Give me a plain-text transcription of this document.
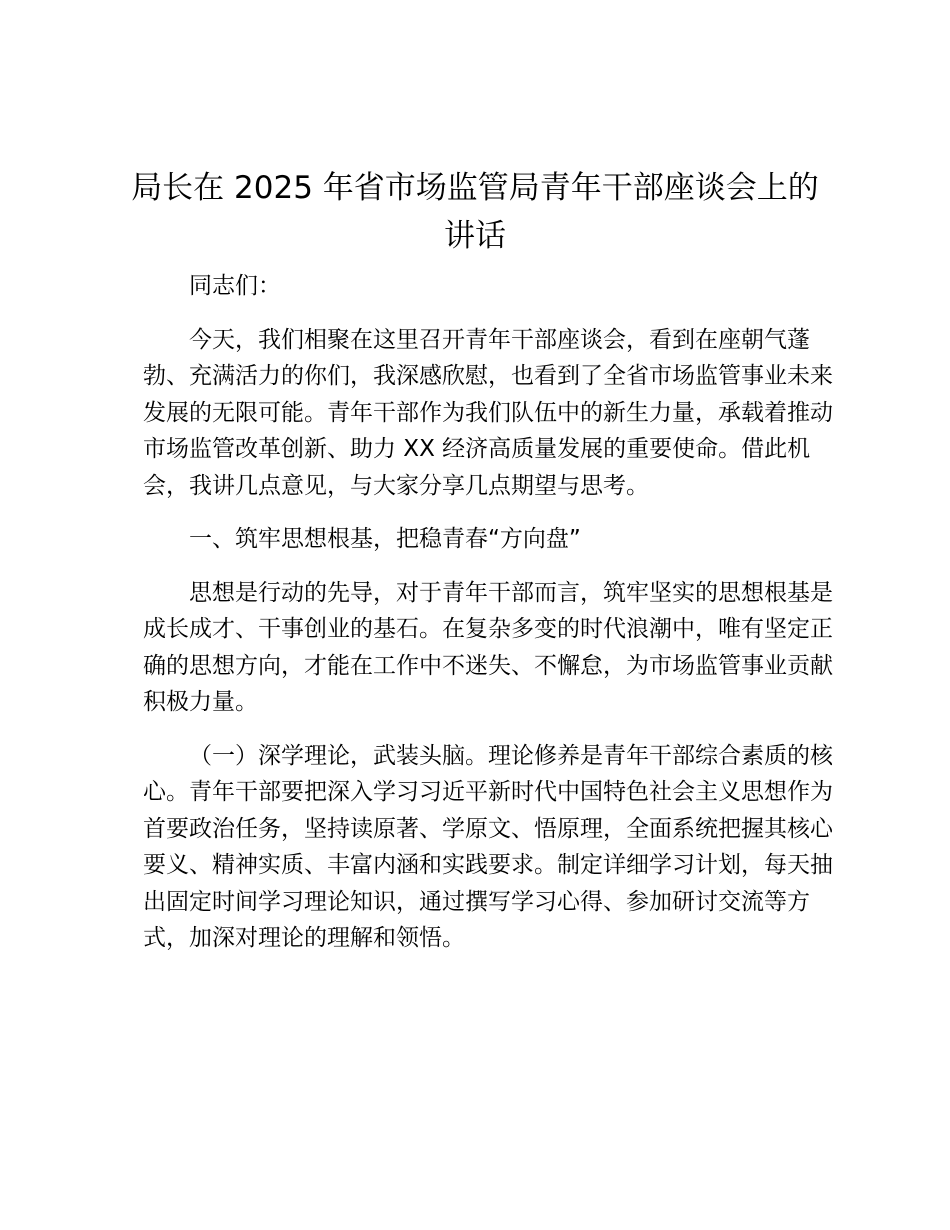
局长在 2025 年省市场监管局青年干部座谈会上的讲话

同志们：

今天，我们相聚在这里召开青年干部座谈会，看到在座朝气蓬勃、充满活力的你们，我深感欣慰，也看到了全省市场监管事业未来发展的无限可能。青年干部作为我们队伍中的新生力量，承载着推动市场监管改革创新、助力 XX 经济高质量发展的重要使命。借此机会，我讲几点意见，与大家分享几点期望与思考。

一、筑牢思想根基，把稳青春“方向盘”

思想是行动的先导，对于青年干部而言，筑牢坚实的思想根基是成长成才、干事创业的基石。在复杂多变的时代浪潮中，唯有坚定正确的思想方向，才能在工作中不迷失、不懈怠，为市场监管事业贡献积极力量。

（一）深学理论，武装头脑。理论修养是青年干部综合素质的核心。青年干部要把深入学习习近平新时代中国特色社会主义思想作为首要政治任务，坚持读原著、学原文、悟原理，全面系统把握其核心要义、精神实质、丰富内涵和实践要求。制定详细学习计划，每天抽出固定时间学习理论知识，通过撰写学习心得、参加研讨交流等方式，加深对理论的理解和领悟。
